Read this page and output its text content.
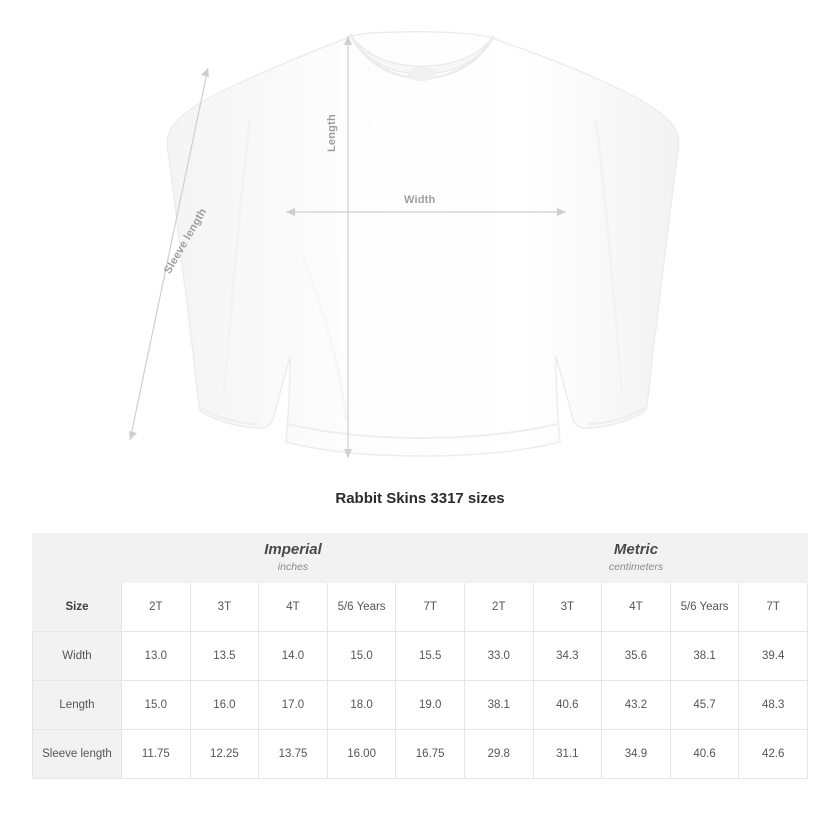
Width
Length
Sleeve length
Rabbit Skins 3317 sizes

	Imperial
inches					Metric
centimeters				

Size	2T	3T	4T	5/6 Years	7T	2T	3T	4T	5/6 Years	7T
Width	13.0	13.5	14.0	15.0	15.5	33.0	34.3	35.6	38.1	39.4
Length	15.0	16.0	17.0	18.0	19.0	38.1	40.6	43.2	45.7	48.3
Sleeve length	11.75	12.25	13.75	16.00	16.75	29.8	31.1	34.9	40.6	42.6
